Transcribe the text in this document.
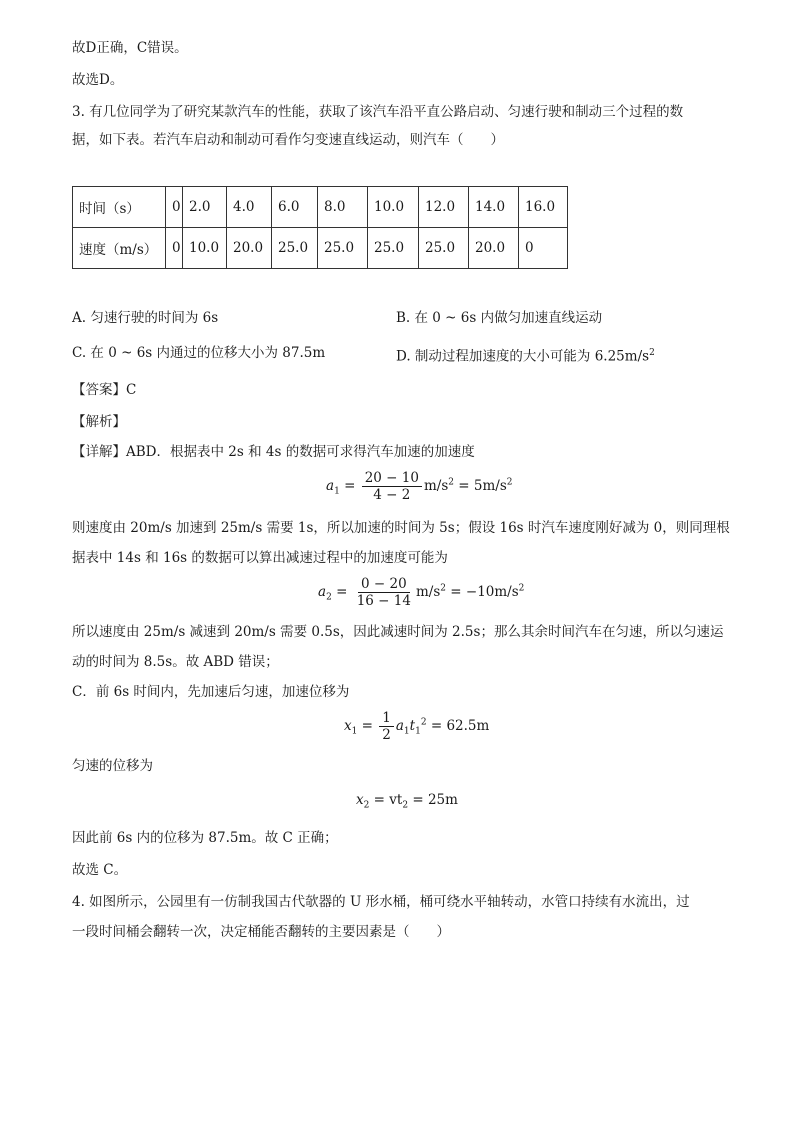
故D正确，C错误。
故选D。
3. 有几位同学为了研究某款汽车的性能，获取了该汽车沿平直公路启动、匀速行驶和制动三个过程的数
据，如下表。若汽车启动和制动可看作匀变速直线运动，则汽车（　　）
时间（s）	0	2.0	4.0	6.0	8.0	10.0	12.0	14.0	16.0
速度（m/s）	0	10.0	20.0	25.0	25.0	25.0	25.0	20.0	0
A. 匀速行驶的时间为 6s	B. 在 0 ~ 6s 内做匀加速直线运动
C. 在 0 ~ 6s 内通过的位移大小为 87.5m	D. 制动过程加速度的大小可能为 $6.25m/s^2$
【答案】C
【解析】
【详解】ABD．根据表中 2s 和 4s 的数据可求得汽车加速的加速度
$a_1 = \frac{20 - 10}{4 - 2} m/s^2 = 5m/s^2$
则速度由 20m/s 加速到 25m/s 需要 1s，所以加速的时间为 5s；假设 16s 时汽车速度刚好减为 0，则同理根
据表中 14s 和 16s 的数据可以算出减速过程中的加速度可能为
$a_2 = \frac{0 - 20}{16 - 14} m/s^2 = -10m/s^2$
所以速度由 25m/s 减速到 20m/s 需要 0.5s，因此减速时间为 2.5s；那么其余时间汽车在匀速，所以匀速运
动的时间为 8.5s。故 ABD 错误；
C．前 6s 时间内，先加速后匀速，加速位移为
$x_1 = \frac{1}{2} a_1t_1^2 = 62.5m$
匀速的位移为
$x_2 = vt_2 = 25m$
因此前 6s 内的位移为 87.5m。故 C 正确；
故选 C。
4. 如图所示，公园里有一仿制我国古代欹器的 U 形水桶，桶可绕水平轴转动，水管口持续有水流出，过
一段时间桶会翻转一次，决定桶能否翻转的主要因素是（　　）
